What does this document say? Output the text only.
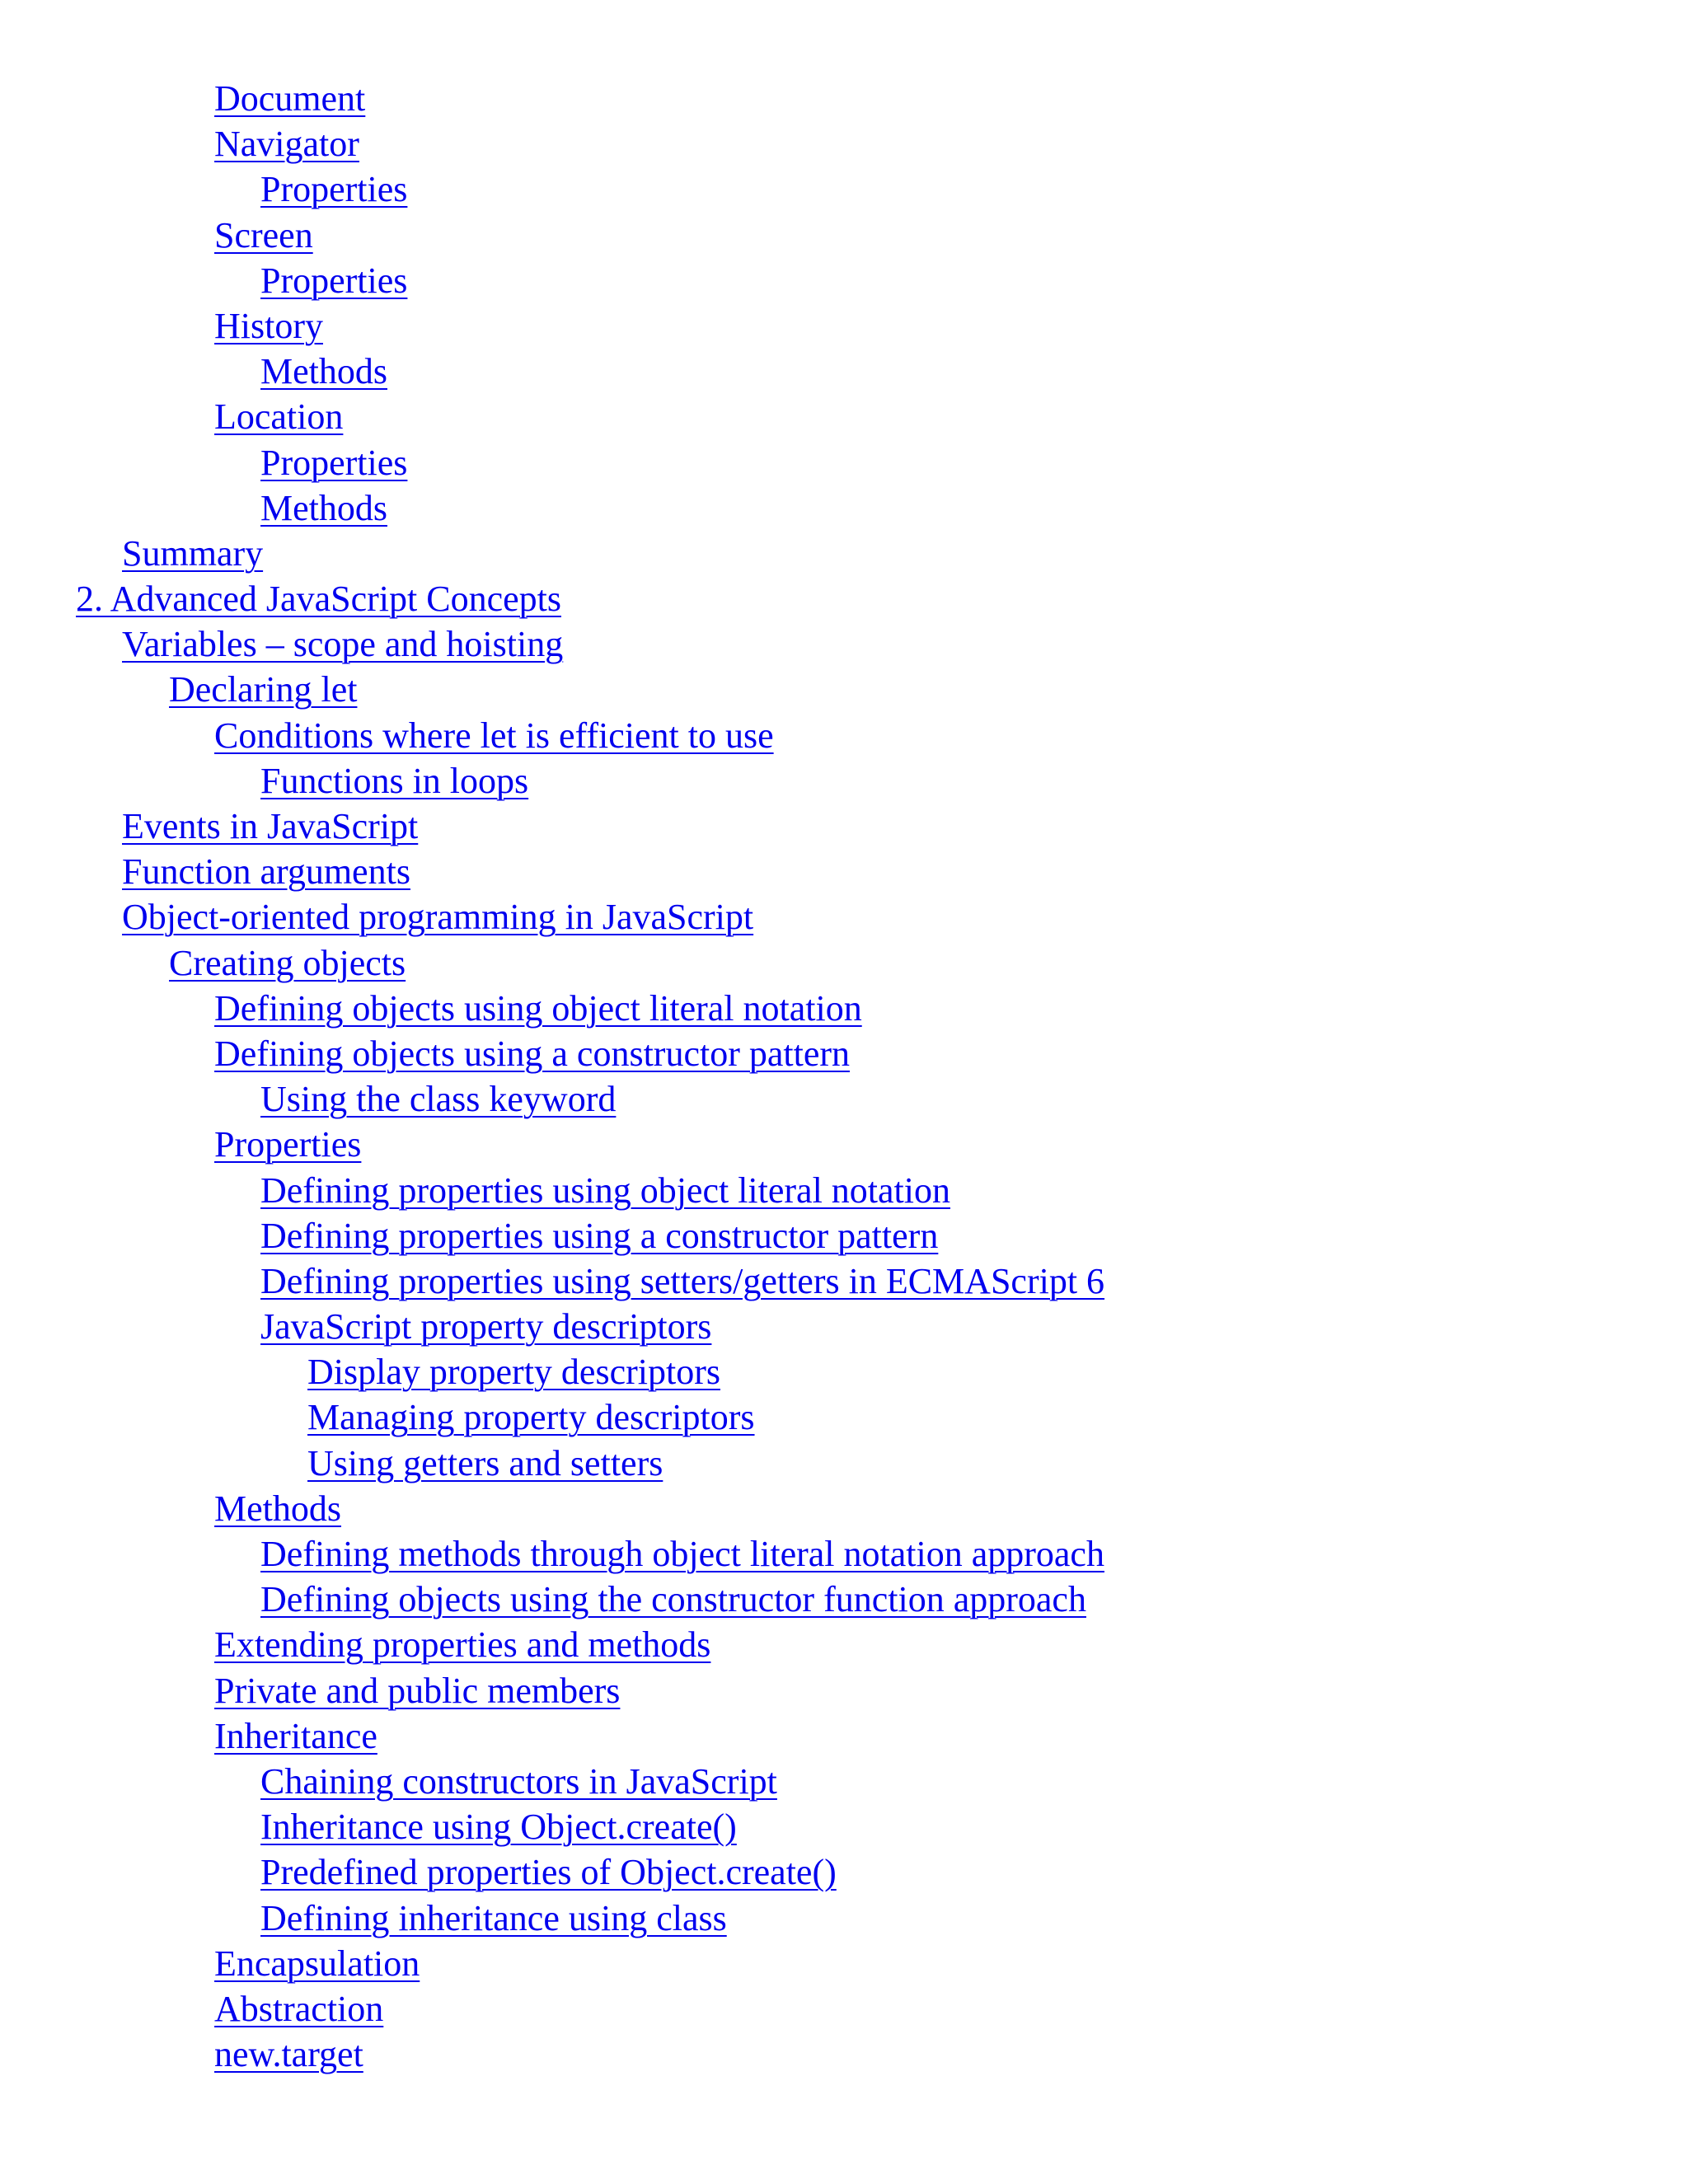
Document
Navigator
Properties
Screen
Properties
History
Methods
Location
Properties
Methods
Summary
2. Advanced JavaScript Concepts
Variables – scope and hoisting
Declaring let
Conditions where let is efficient to use
Functions in loops
Events in JavaScript
Function arguments
Object-oriented programming in JavaScript
Creating objects
Defining objects using object literal notation
Defining objects using a constructor pattern
Using the class keyword
Properties
Defining properties using object literal notation
Defining properties using a constructor pattern
Defining properties using setters/getters in ECMAScript 6
JavaScript property descriptors
Display property descriptors
Managing property descriptors
Using getters and setters
Methods
Defining methods through object literal notation approach
Defining objects using the constructor function approach
Extending properties and methods
Private and public members
Inheritance
Chaining constructors in JavaScript
Inheritance using Object.create()
Predefined properties of Object.create()
Defining inheritance using class
Encapsulation
Abstraction
new.target
